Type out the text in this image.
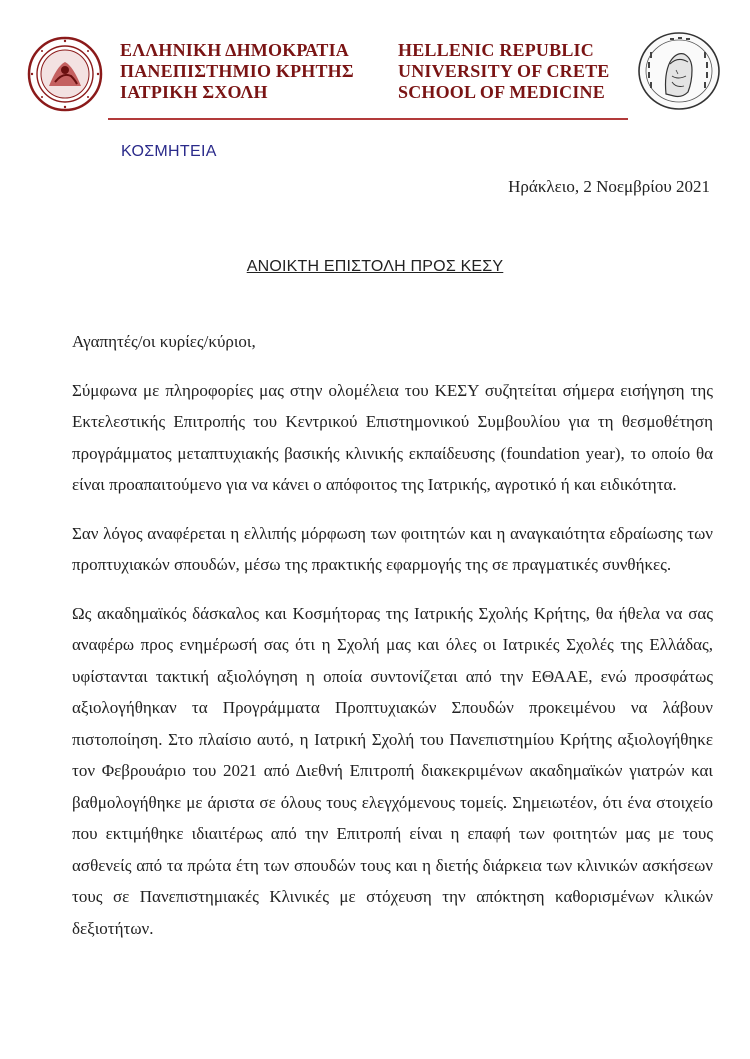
ΕΛΛΗΝΙΚΗ ΔΗΜΟΚΡΑΤΙΑ
ΠΑΝΕΠΙΣΤΗΜΙΟ ΚΡΗΤΗΣ
ΙΑΤΡΙΚΗ ΣΧΟΛΗ
HELLENIC REPUBLIC
UNIVERSITY OF CRETE
SCHOOL OF MEDICINE
ΚΟΣΜΗΤΕΙΑ
Ηράκλειο, 2 Νοεμβρίου 2021
ΑΝΟΙΚΤΗ ΕΠΙΣΤΟΛΗ ΠΡΟΣ ΚΕΣΥ

Αγαπητές/οι κυρίες/κύριοι,

Σύμφωνα με πληροφορίες μας στην ολομέλεια του ΚΕΣΥ συζητείται σήμερα εισήγηση της Εκτελεστικής Επιτροπής του Κεντρικού Επιστημονικού Συμβουλίου για τη θεσμοθέτηση προγράμματος μεταπτυχιακής βασικής κλινικής εκπαίδευσης (foundation year), το οποίο θα είναι προαπαιτούμενο για να κάνει ο απόφοιτος της Ιατρικής, αγροτικό ή και ειδικότητα.

Σαν λόγος αναφέρεται η ελλιπής μόρφωση των φοιτητών και η αναγκαιότητα εδραίωσης των προπτυχιακών σπουδών, μέσω της πρακτικής εφαρμογής της σε πραγματικές συνθήκες.

Ως ακαδημαϊκός δάσκαλος και Κοσμήτορας της Ιατρικής Σχολής Κρήτης, θα ήθελα να σας αναφέρω προς ενημέρωσή σας ότι η Σχολή μας και όλες οι Ιατρικές Σχολές της Ελλάδας, υφίστανται τακτική αξιολόγηση η οποία συντονίζεται από την ΕΘΑΑΕ, ενώ προσφάτως αξιολογήθηκαν τα Προγράμματα Προπτυχιακών Σπουδών προκειμένου να λάβουν πιστοποίηση. Στο πλαίσιο αυτό, η Ιατρική Σχολή του Πανεπιστημίου Κρήτης αξιολογήθηκε τον Φεβρουάριο του 2021 από Διεθνή Επιτροπή διακεκριμένων ακαδημαϊκών γιατρών και βαθμολογήθηκε με άριστα σε όλους τους ελεγχόμενους τομείς. Σημειωτέον, ότι ένα στοιχείο που εκτιμήθηκε ιδιαιτέρως από την Επιτροπή είναι η επαφή των φοιτητών μας με τους ασθενείς από τα πρώτα έτη των σπουδών τους και η διετής διάρκεια των κλινικών ασκήσεων τους σε Πανεπιστημιακές Κλινικές με στόχευση την απόκτηση καθορισμένων κλικών δεξιοτήτων.
